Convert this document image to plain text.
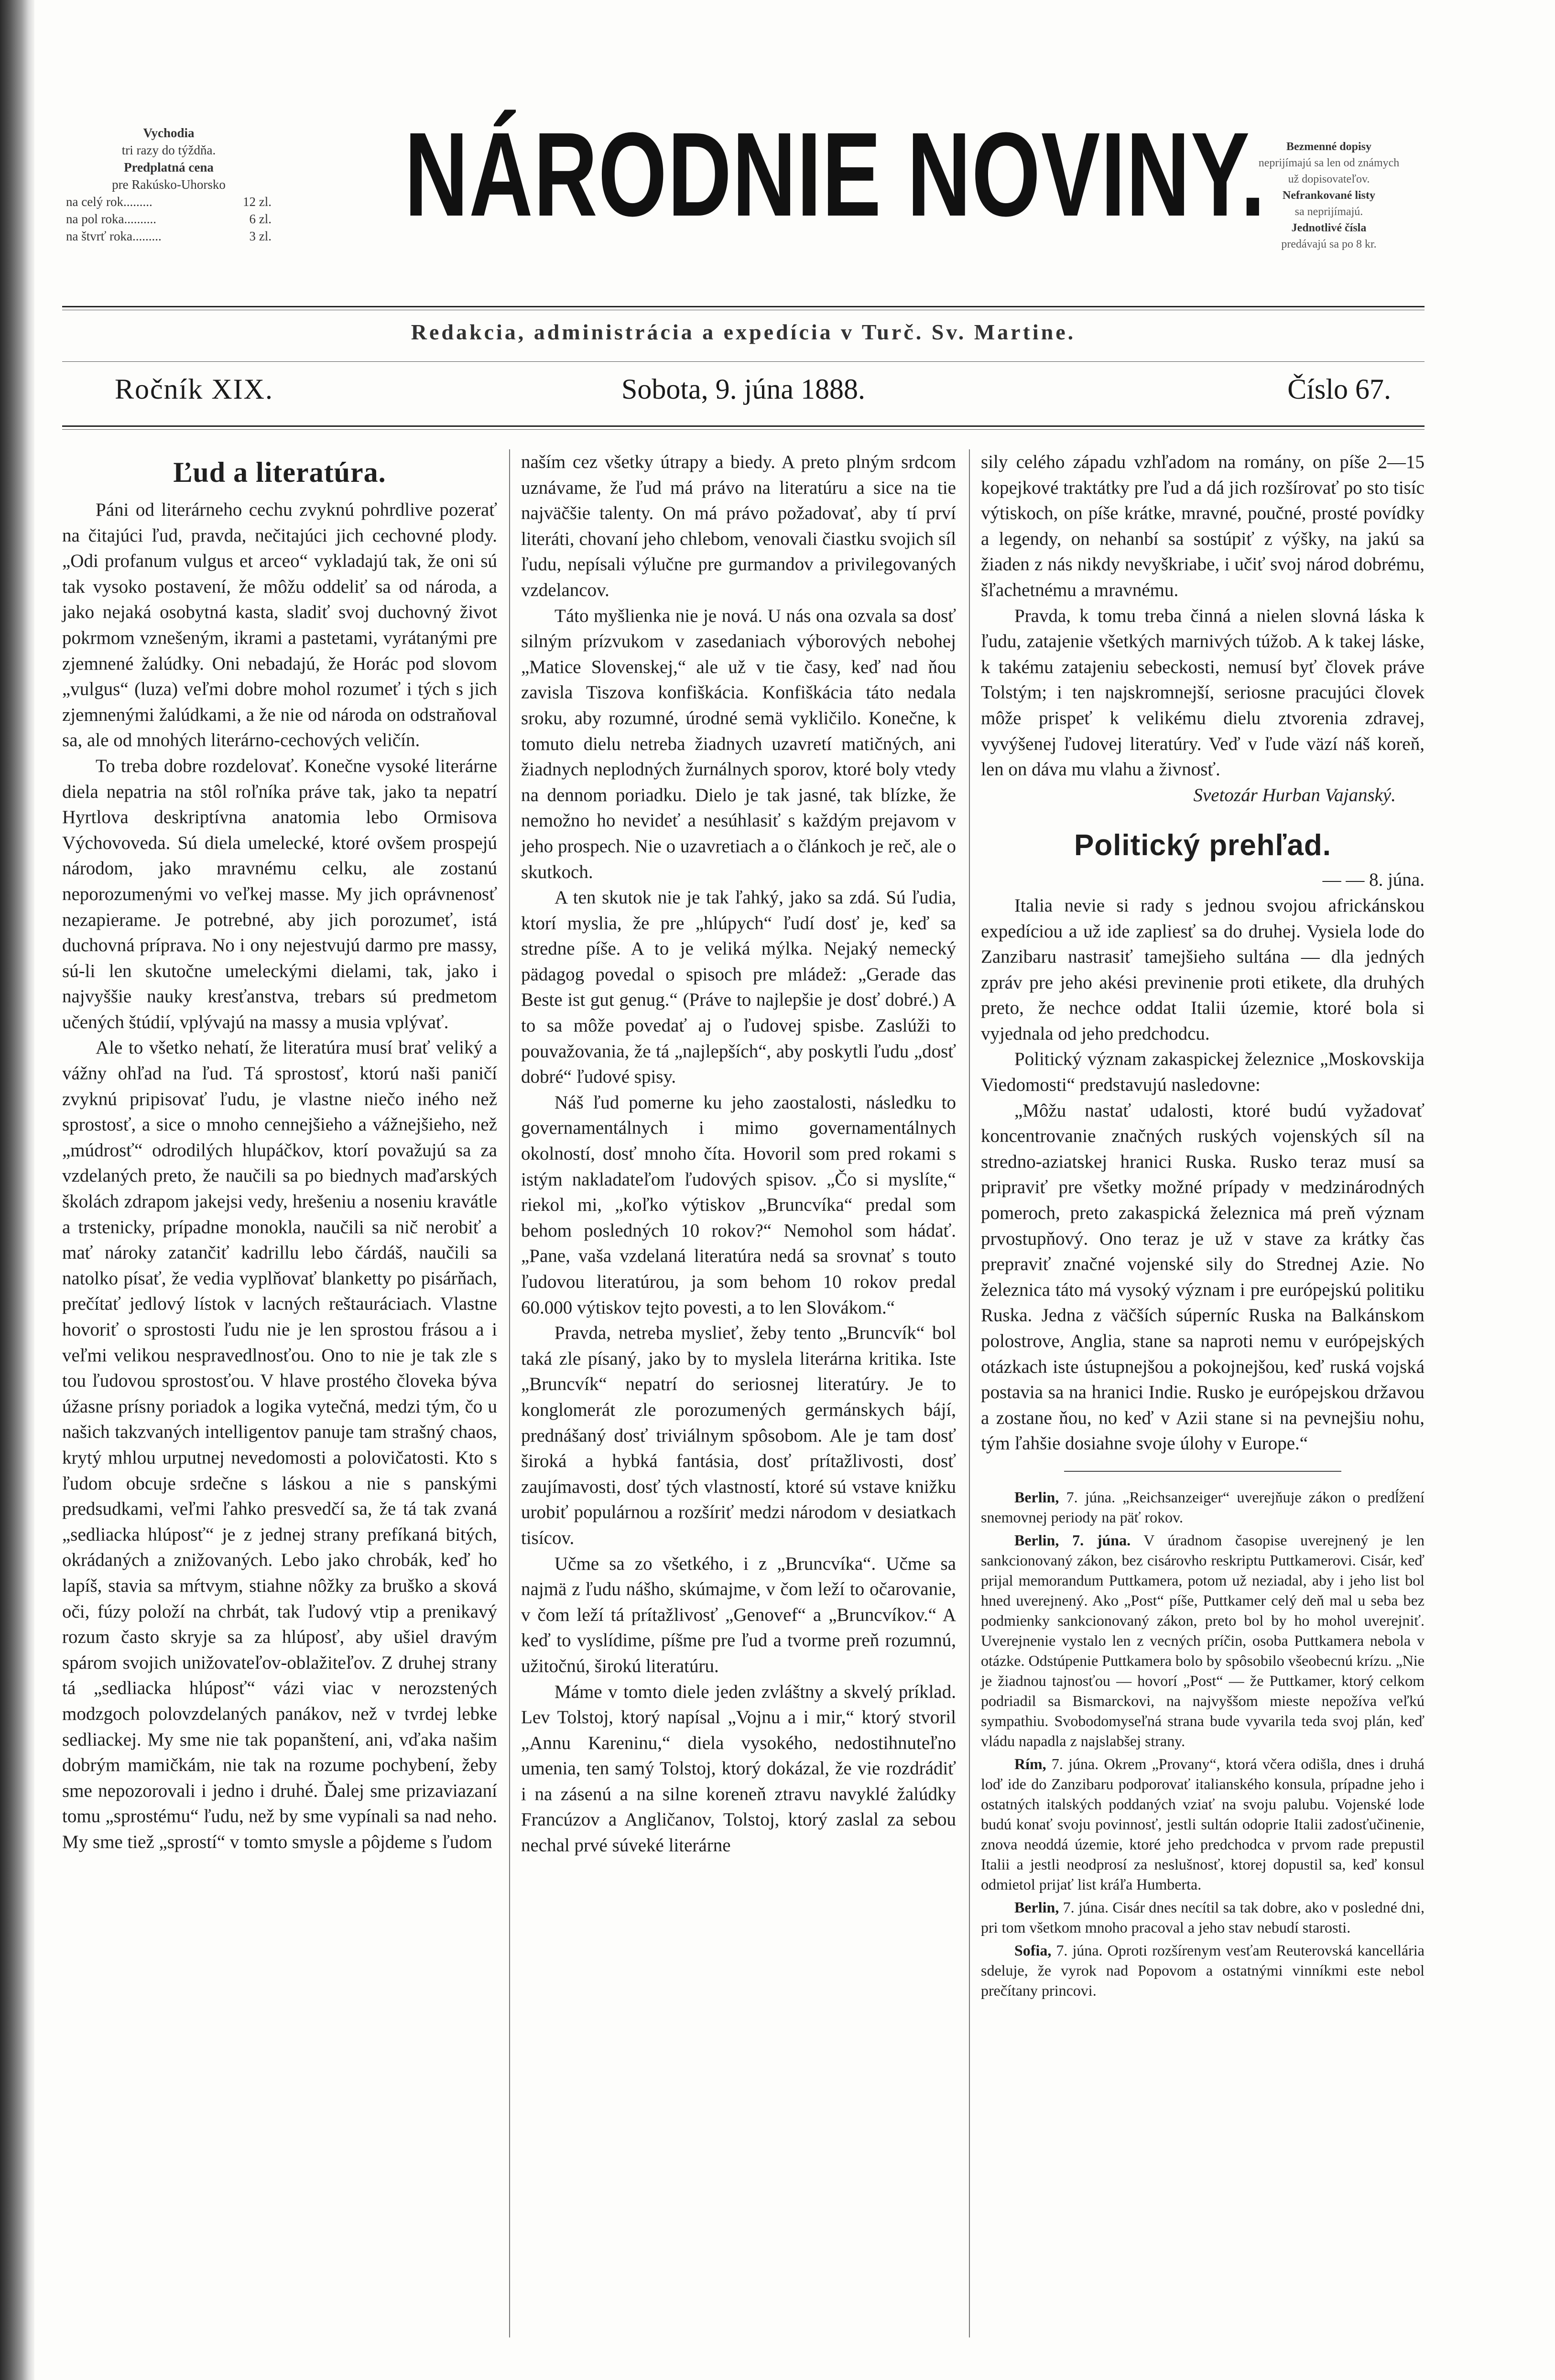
Vychodia
tri razy do týždňa.
Predplatná cena
pre Rakúsko-Uhorsko
na celý rok.........	12 zl.
na pol roka..........	6 zl.
na štvrť roka.........	3 zl. NÁRODNIE NOVINY.	Bezmenné dopisy
neprijímajú sa len od známych
už dopisovateľov.
Nefrankované listy
sa neprijímajú.
Jednotlivé čísla
predávajú sa po 8 kr.
Redakcia, administrácia a expedícia v Turč. Sv. Martine.
Ročník XIX.	Sobota, 9. júna 1888.	Číslo 67.
Ľud a literatúra.

Páni od literárneho cechu zvyknú pohrdlive pozerať na čitajúci ľud, pravda, nečitajúci jich cechovné plody. „Odi profanum vulgus et arceo“ vykladajú tak, že oni sú tak vysoko postavení, že môžu oddeliť sa od národa, a jako nejaká osobytná kasta, sladiť svoj duchovný život pokrmom vznešeným, ikrami a pastetami, vyrátanými pre zjemnené žalúdky. Oni nebadajú, že Horác pod slovom „vulgus“ (luza) veľmi dobre mohol rozumeť i tých s jich zjemnenými žalúdkami, a že nie od národa on odstraňoval sa, ale od mnohých literárno-cechových veličín.

To treba dobre rozdelovať. Konečne vysoké literárne diela nepatria na stôl roľníka práve tak, jako ta nepatrí Hyrtlova deskriptívna anatomia lebo Ormisova Výchovoveda. Sú diela umelecké, ktoré ovšem prospejú národom, jako mravnému celku, ale zostanú neporozumenými vo veľkej masse. My jich oprávnenosť nezapierame. Je potrebné, aby jich porozumeť, istá duchovná príprava. No i ony nejestvujú darmo pre massy, sú-li len skutočne umeleckými dielami, tak, jako i najvyššie nauky kresťanstva, trebars sú predmetom učených štúdií, vplývajú na massy a musia vplývať.

Ale to všetko nehatí, že literatúra musí brať veliký a vážny ohľad na ľud. Tá sprostosť, ktorú naši paničí zvyknú pripisovať ľudu, je vlastne niečo iného než sprostosť, a sice o mnoho cennejšieho a vážnejšieho, než „múdrosť“ odrodilých hlupáčkov, ktorí považujú sa za vzdelaných preto, že naučili sa po biednych maďarských školách zdrapom jakejsi vedy, hrešeniu a noseniu kravátle a trstenicky, prípadne monokla, naučili sa nič nerobiť a mať nároky zatančiť kadrillu lebo čárdáš, naučili sa natolko písať, že vedia vyplňovať blanketty po pisárňach, prečítať jedlový lístok v lacných reštauráciach. Vlastne hovoriť o sprostosti ľudu nie je len sprostou frásou a i veľmi velikou nespravedlnosťou. Ono to nie je tak zle s tou ľudovou sprostosťou. V hlave prostého človeka býva úžasne prísny poriadok a logika vytečná, medzi tým, čo u našich takzvaných intelligentov panuje tam strašný chaos, krytý mhlou urputnej nevedomosti a polovičatosti. Kto s ľudom obcuje srdečne s láskou a nie s panskými predsudkami, veľmi ľahko presvedčí sa, že tá tak zvaná „sedliacka hlúposť“ je z jednej strany prefíkaná bitých, okrádaných a znižovaných. Lebo jako chrobák, keď ho lapíš, stavia sa mŕtvym, stiahne nôžky za bruško a sková oči, fúzy položí na chrbát, tak ľudový vtip a prenikavý rozum často skryje sa za hlúposť, aby ušiel dravým spárom svojich unižovateľov-oblažiteľov. Z druhej strany tá „sedliacka hlúposť“ vázi viac v nerozstených modzgoch polovzdelaných panákov, než v tvrdej lebke sedliackej. My sme nie tak popanštení, ani, vďaka našim dobrým mamičkám, nie tak na rozume pochybení, žeby sme nepozorovali i jedno i druhé. Ďalej sme prizaviazaní tomu „sprostému“ ľudu, než by sme vypínali sa nad neho. My sme tiež „sprostí“ v tomto smysle a pôjdeme s ľudom

naším cez všetky útrapy a biedy. A preto plným srdcom uznávame, že ľud má právo na literatúru a sice na tie najväčšie talenty. On má právo požadovať, aby tí prví literáti, chovaní jeho chlebom, venovali čiastku svojich síl ľudu, nepísali výlučne pre gurmandov a privilegovaných vzdelancov.

Táto myšlienka nie je nová. U nás ona ozvala sa dosť silným prízvukom v zasedaniach výborových nebohej „Matice Slovenskej,“ ale už v tie časy, keď nad ňou zavisla Tiszova konfiškácia. Konfiškácia táto nedala sroku, aby rozumné, úrodné semä vykličilo. Konečne, k tomuto dielu netreba žiadnych uzavretí matičných, ani žiadnych neplodných žurnálnych sporov, ktoré boly vtedy na dennom poriadku. Dielo je tak jasné, tak blízke, že nemožno ho nevideť a nesúhlasiť s každým prejavom v jeho prospech. Nie o uzavretiach a o článkoch je reč, ale o skutkoch.

A ten skutok nie je tak ľahký, jako sa zdá. Sú ľudia, ktorí myslia, že pre „hlúpych“ ľudí dosť je, keď sa stredne píše. A to je veliká mýlka. Nejaký nemecký pädagog povedal o spisoch pre mládež: „Gerade das Beste ist gut genug.“ (Práve to najlepšie je dosť dobré.) A to sa môže povedať aj o ľudovej spisbe. Zaslúži to pouvažovania, že tá „najlepších“, aby poskytli ľudu „dosť dobré“ ľudové spisy.

Náš ľud pomerne ku jeho zaostalosti, následku to governamentálnych i mimo governamentálnych okolností, dosť mnoho číta. Hovoril som pred rokami s istým nakladateľom ľudových spisov. „Čo si myslíte,“ riekol mi, „koľko výtiskov „Bruncvíka“ predal som behom posledných 10 rokov?“ Nemohol som hádať. „Pane, vaša vzdelaná literatúra nedá sa srovnať s touto ľudovou literatúrou, ja som behom 10 rokov predal 60.000 výtiskov tejto povesti, a to len Slovákom.“

Pravda, netreba myslieť, žeby tento „Bruncvík“ bol taká zle písaný, jako by to myslela literárna kritika. Iste „Bruncvík“ nepatrí do seriosnej literatúry. Je to konglomerát zle porozumených germánskych bájí, prednášaný dosť triviálnym spôsobom. Ale je tam dosť široká a hybká fantásia, dosť prítažlivosti, dosť zaujímavosti, dosť tých vlastností, ktoré sú vstave knižku urobiť populárnou a rozšíriť medzi národom v desiatkach tisícov.

Učme sa zo všetkého, i z „Bruncvíka“. Učme sa najmä z ľudu nášho, skúmajme, v čom leží to očarovanie, v čom leží tá prítažlivosť „Genovef“ a „Bruncvíkov.“ A keď to vyslídime, píšme pre ľud a tvorme preň rozumnú, užitočnú, širokú literatúru.

Máme v tomto diele jeden zvláštny a skvelý príklad. Lev Tolstoj, ktorý napísal „Vojnu a i mir,“ ktorý stvoril „Annu Kareninu,“ diela vysokého, nedostihnuteľno umenia, ten samý Tolstoj, ktorý dokázal, že vie rozdrádiť i na zásenú a na silne koreneň ztravu navyklé žalúdky Francúzov a Angličanov, Tolstoj, ktorý zaslal za sebou nechal prvé súveké literárne

sily celého západu vzhľadom na romány, on píše 2—15 kopejkové traktátky pre ľud a dá jich rozšírovať po sto tisíc výtiskoch, on píše krátke, mravné, poučné, prosté povídky a legendy, on nehanbí sa sostúpiť z výšky, na jakú sa žiaden z nás nikdy nevyškriabe, i učiť svoj národ dobrému, šľachetnému a mravnému.

Pravda, k tomu treba činná a nielen slovná láska k ľudu, zatajenie všetkých marnivých túžob. A k takej láske, k takému zatajeniu sebeckosti, nemusí byť človek práve Tolstým; i ten najskromnejší, seriosne pracujúci človek môže prispeť k velikému dielu ztvorenia zdravej, vyvýšenej ľudovej literatúry. Veď v ľude väzí náš koreň, len on dáva mu vlahu a živnosť.

Svetozár Hurban Vajanský.

Politický prehľad.

— — 8. júna.

Italia nevie si rady s jednou svojou africkánskou expedíciou a už ide zapliesť sa do druhej. Vysiela lode do Zanzibaru nastrasiť tamejšieho sultána — dla jedných zpráv pre jeho akési previnenie proti etikete, dla druhých preto, že nechce oddat Italii územie, ktoré bola si vyjednala od jeho predchodcu.

Politický význam zakaspickej železnice „Moskovskija Viedomosti“ predstavujú nasledovne:

„Môžu nastať udalosti, ktoré budú vyžadovať koncentrovanie značných ruských vojenských síl na stredno-aziatskej hranici Ruska. Rusko teraz musí sa pripraviť pre všetky možné prípady v medzinárodných pomeroch, preto zakaspická železnica má preň význam prvostupňový. Ono teraz je už v stave za krátky čas prepraviť značné vojenské sily do Strednej Azie. No železnica táto má vysoký význam i pre európejskú politiku Ruska. Jedna z väčších súperníc Ruska na Balkánskom polostrove, Anglia, stane sa naproti nemu v európejských otázkach iste ústupnejšou a pokojnejšou, keď ruská vojská postavia sa na hranici Indie. Rusko je európejskou državou a zostane ňou, no keď v Azii stane si na pevnejšiu nohu, tým ľahšie dosiahne svoje úlohy v Europe.“

Berlin, 7. júna. „Reichsanzeiger“ uverejňuje zákon o predĺžení snemovnej periody na päť rokov.

Berlin, 7. júna. V úradnom časopise uverejnený je len sankcionovaný zákon, bez cisárovho reskriptu Puttkamerovi. Cisár, keď prijal memorandum Puttkamera, potom už neziadal, aby i jeho list bol hned uverejnený. Ako „Post“ píše, Puttkamer celý deň mal u seba bez podmienky sankcionovaný zákon, preto bol by ho mohol uverejniť. Uverejnenie vystalo len z vecných príčin, osoba Puttkamera nebola v otázke. Odstúpenie Puttkamera bolo by spôsobilo všeobecnú krízu. „Nie je žiadnou tajnosťou — hovorí „Post“ — že Puttkamer, ktorý celkom podriadil sa Bismarckovi, na najvyššom mieste nepožíva veľkú sympathiu. Svobodomyseľná strana bude vyvarila teda svoj plán, keď vládu napadla z najslabšej strany.

Rím, 7. júna. Okrem „Provany“, ktorá včera odišla, dnes i druhá loď ide do Zanzibaru podporovať italianského konsula, prípadne jeho i ostatných italských poddaných vziať na svoju palubu. Vojenské lode budú konať svoju povinnosť, jestli sultán odoprie Italii zadosťučinenie, znova neoddá územie, ktoré jeho predchodca v prvom rade prepustil Italii a jestli neodprosí za neslušnosť, ktorej dopustil sa, keď konsul odmietol prijať list kráľa Humberta.

Berlin, 7. júna. Cisár dnes necítil sa tak dobre, ako v posledné dni, pri tom všetkom mnoho pracoval a jeho stav nebudí starosti.

Sofia, 7. júna. Oproti rozšírenym vesťam Reuterovská kancellária sdeluje, že vyrok nad Popovom a ostatnými vinníkmi este nebol prečítany princovi.
